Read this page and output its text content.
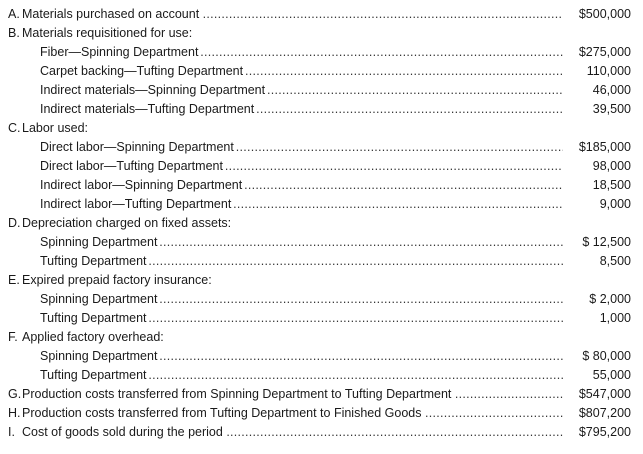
A. Materials purchased on account . . .	$500,000
B. Materials requisitioned for use:
Fiber—Spinning Department . . .	$275,000
Carpet backing—Tufting Department . . .	110,000
Indirect materials—Spinning Department . . .	46,000
Indirect materials—Tufting Department . . .	39,500
C. Labor used:
Direct labor—Spinning Department . . .	$185,000
Direct labor—Tufting Department . . .	98,000
Indirect labor—Spinning Department . . .	18,500
Indirect labor—Tufting Department . . .	9,000
D. Depreciation charged on fixed assets:
Spinning Department . . .	$ 12,500
Tufting Department . . .	8,500
E. Expired prepaid factory insurance:
Spinning Department . . .	$ 2,000
Tufting Department . . .	1,000
F. Applied factory overhead:
Spinning Department . . .	$ 80,000
Tufting Department . . .	55,000
G.Production costs transferred from Spinning Department to Tufting Department . . .	$547,000
H. Production costs transferred from Tufting Department to Finished Goods . . .	$807,200
I. Cost of goods sold during the period . . .	$795,200
